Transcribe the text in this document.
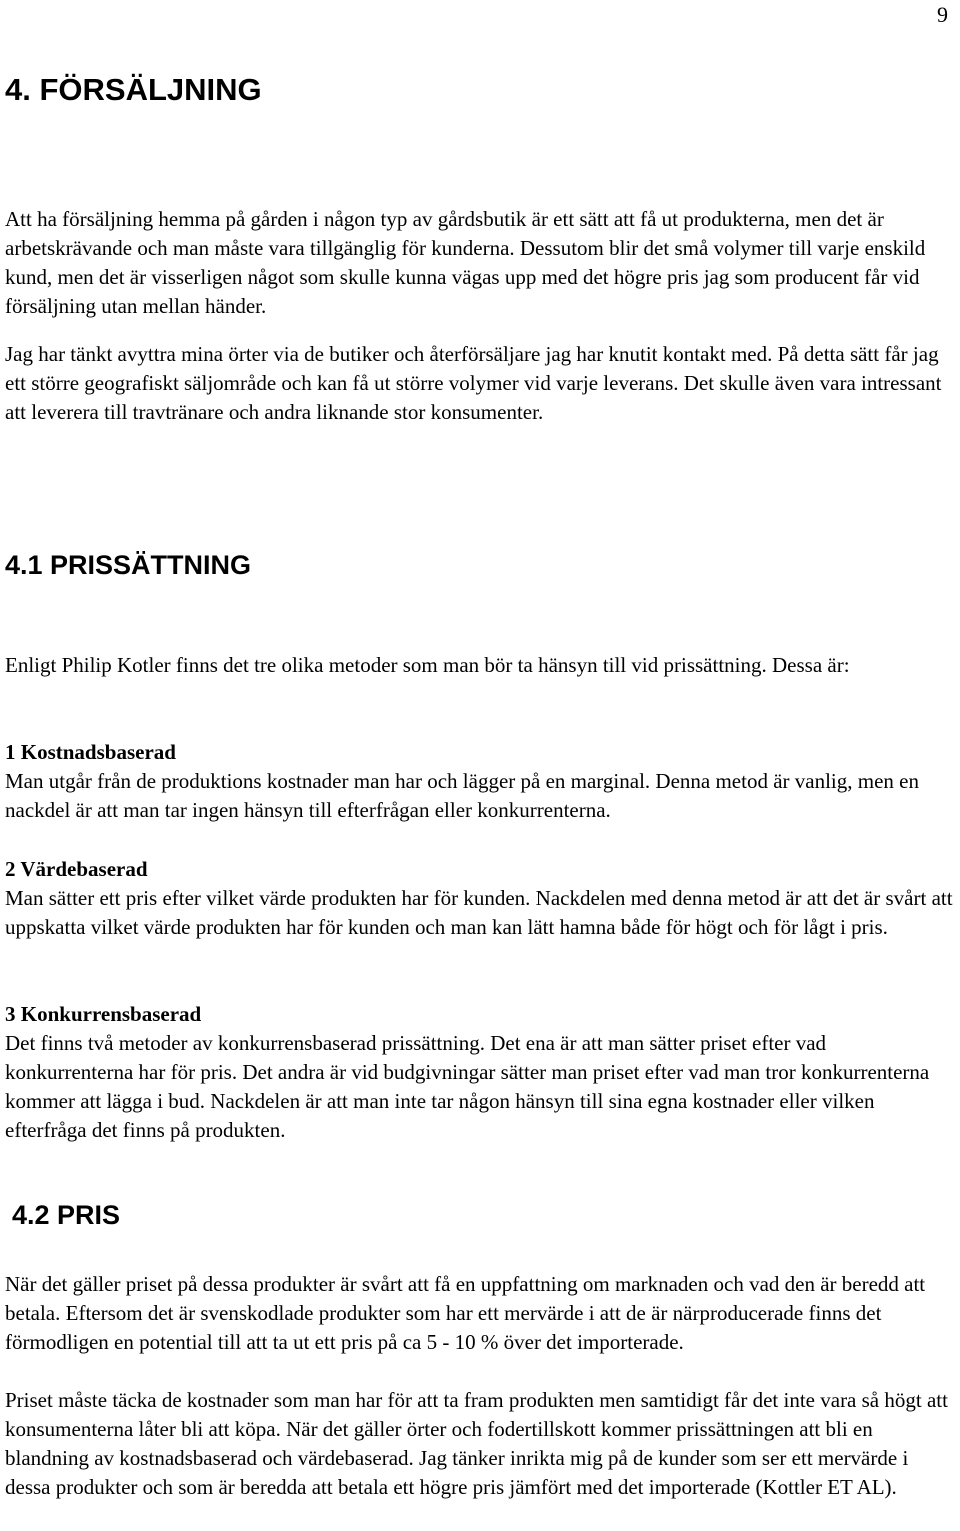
9
4. FÖRSÄLJNING

Att ha försäljning hemma på gården i någon typ av gårdsbutik är ett sätt att få ut produkterna, men det är arbetskrävande och man måste vara tillgänglig för kunderna. Dessutom blir det små volymer till varje enskild kund, men det är visserligen något som skulle kunna vägas upp med det högre pris jag som producent får vid försäljning utan mellan händer.

Jag har tänkt avyttra mina örter via de butiker och återförsäljare jag har knutit kontakt med. På detta sätt får jag ett större geografiskt säljområde och kan få ut större volymer vid varje leverans. Det skulle även vara intressant att leverera till travtränare och andra liknande stor konsumenter.

4.1 PRISSÄTTNING

Enligt Philip Kotler finns det tre olika metoder som man bör ta hänsyn till vid prissättning. Dessa är:

1 Kostnadsbaserad
Man utgår från de produktions kostnader man har och lägger på en marginal. Denna metod är vanlig, men en nackdel är att man tar ingen hänsyn till efterfrågan eller konkurrenterna.
2 Värdebaserad
Man sätter ett pris efter vilket värde produkten har för kunden. Nackdelen med denna metod är att det är svårt att uppskatta vilket värde produkten har för kunden och man kan lätt hamna både för högt och för lågt i pris.
3 Konkurrensbaserad
Det finns två metoder av konkurrensbaserad prissättning. Det ena är att man sätter priset efter vad konkurrenterna har för pris. Det andra är vid budgivningar sätter man priset efter vad man tror konkurrenterna kommer att lägga i bud. Nackdelen är att man inte tar någon hänsyn till sina egna kostnader eller vilken efterfråga det finns på produkten.
4.2 PRIS

När det gäller priset på dessa produkter är svårt att få en uppfattning om marknaden och vad den är beredd att betala. Eftersom det är svenskodlade produkter som har ett mervärde i att de är närproducerade finns det förmodligen en potential till att ta ut ett pris på ca 5 - 10 % över det importerade.

Priset måste täcka de kostnader som man har för att ta fram produkten men samtidigt får det inte vara så högt att konsumenterna låter bli att köpa. När det gäller örter och fodertillskott kommer prissättningen att bli en blandning av kostnadsbaserad och värdebaserad. Jag tänker inrikta mig på de kunder som ser ett mervärde i dessa produkter och som är beredda att betala ett högre pris jämfört med det importerade (Kottler ET AL).
